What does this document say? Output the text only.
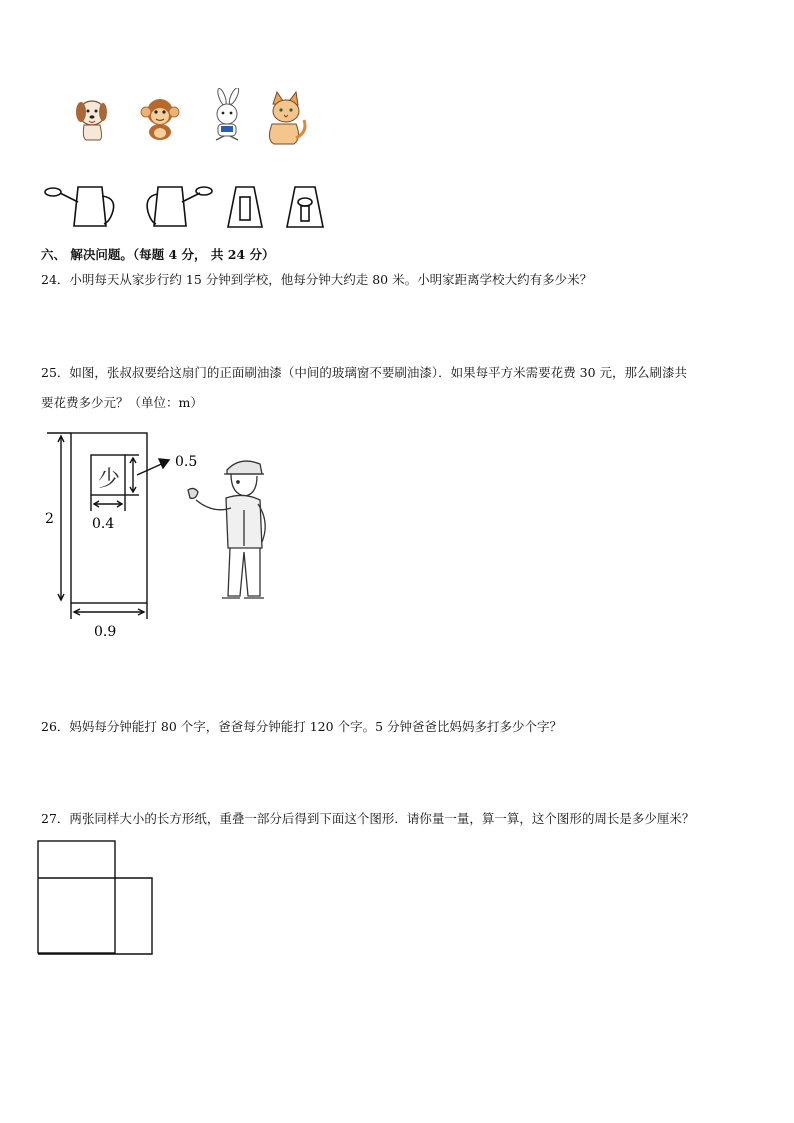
六、 解决问题。（每题 4 分， 共 24 分）
24．小明每天从家步行约 15 分钟到学校，他每分钟大约走 80 米。小明家距离学校大约有多少米？
25．如图，张叔叔要给这扇门的正面刷油漆（中间的玻璃窗不要刷油漆）．如果每平方米需要花费 30 元，那么刷漆共
要花费多少元？（单位：m）
2
0.9
0.4
0.5
少
26．妈妈每分钟能打 80 个字，爸爸每分钟能打 120 个字。5 分钟爸爸比妈妈多打多少个字？
27．两张同样大小的长方形纸，重叠一部分后得到下面这个图形．请你量一量，算一算，这个图形的周长是多少厘米？
